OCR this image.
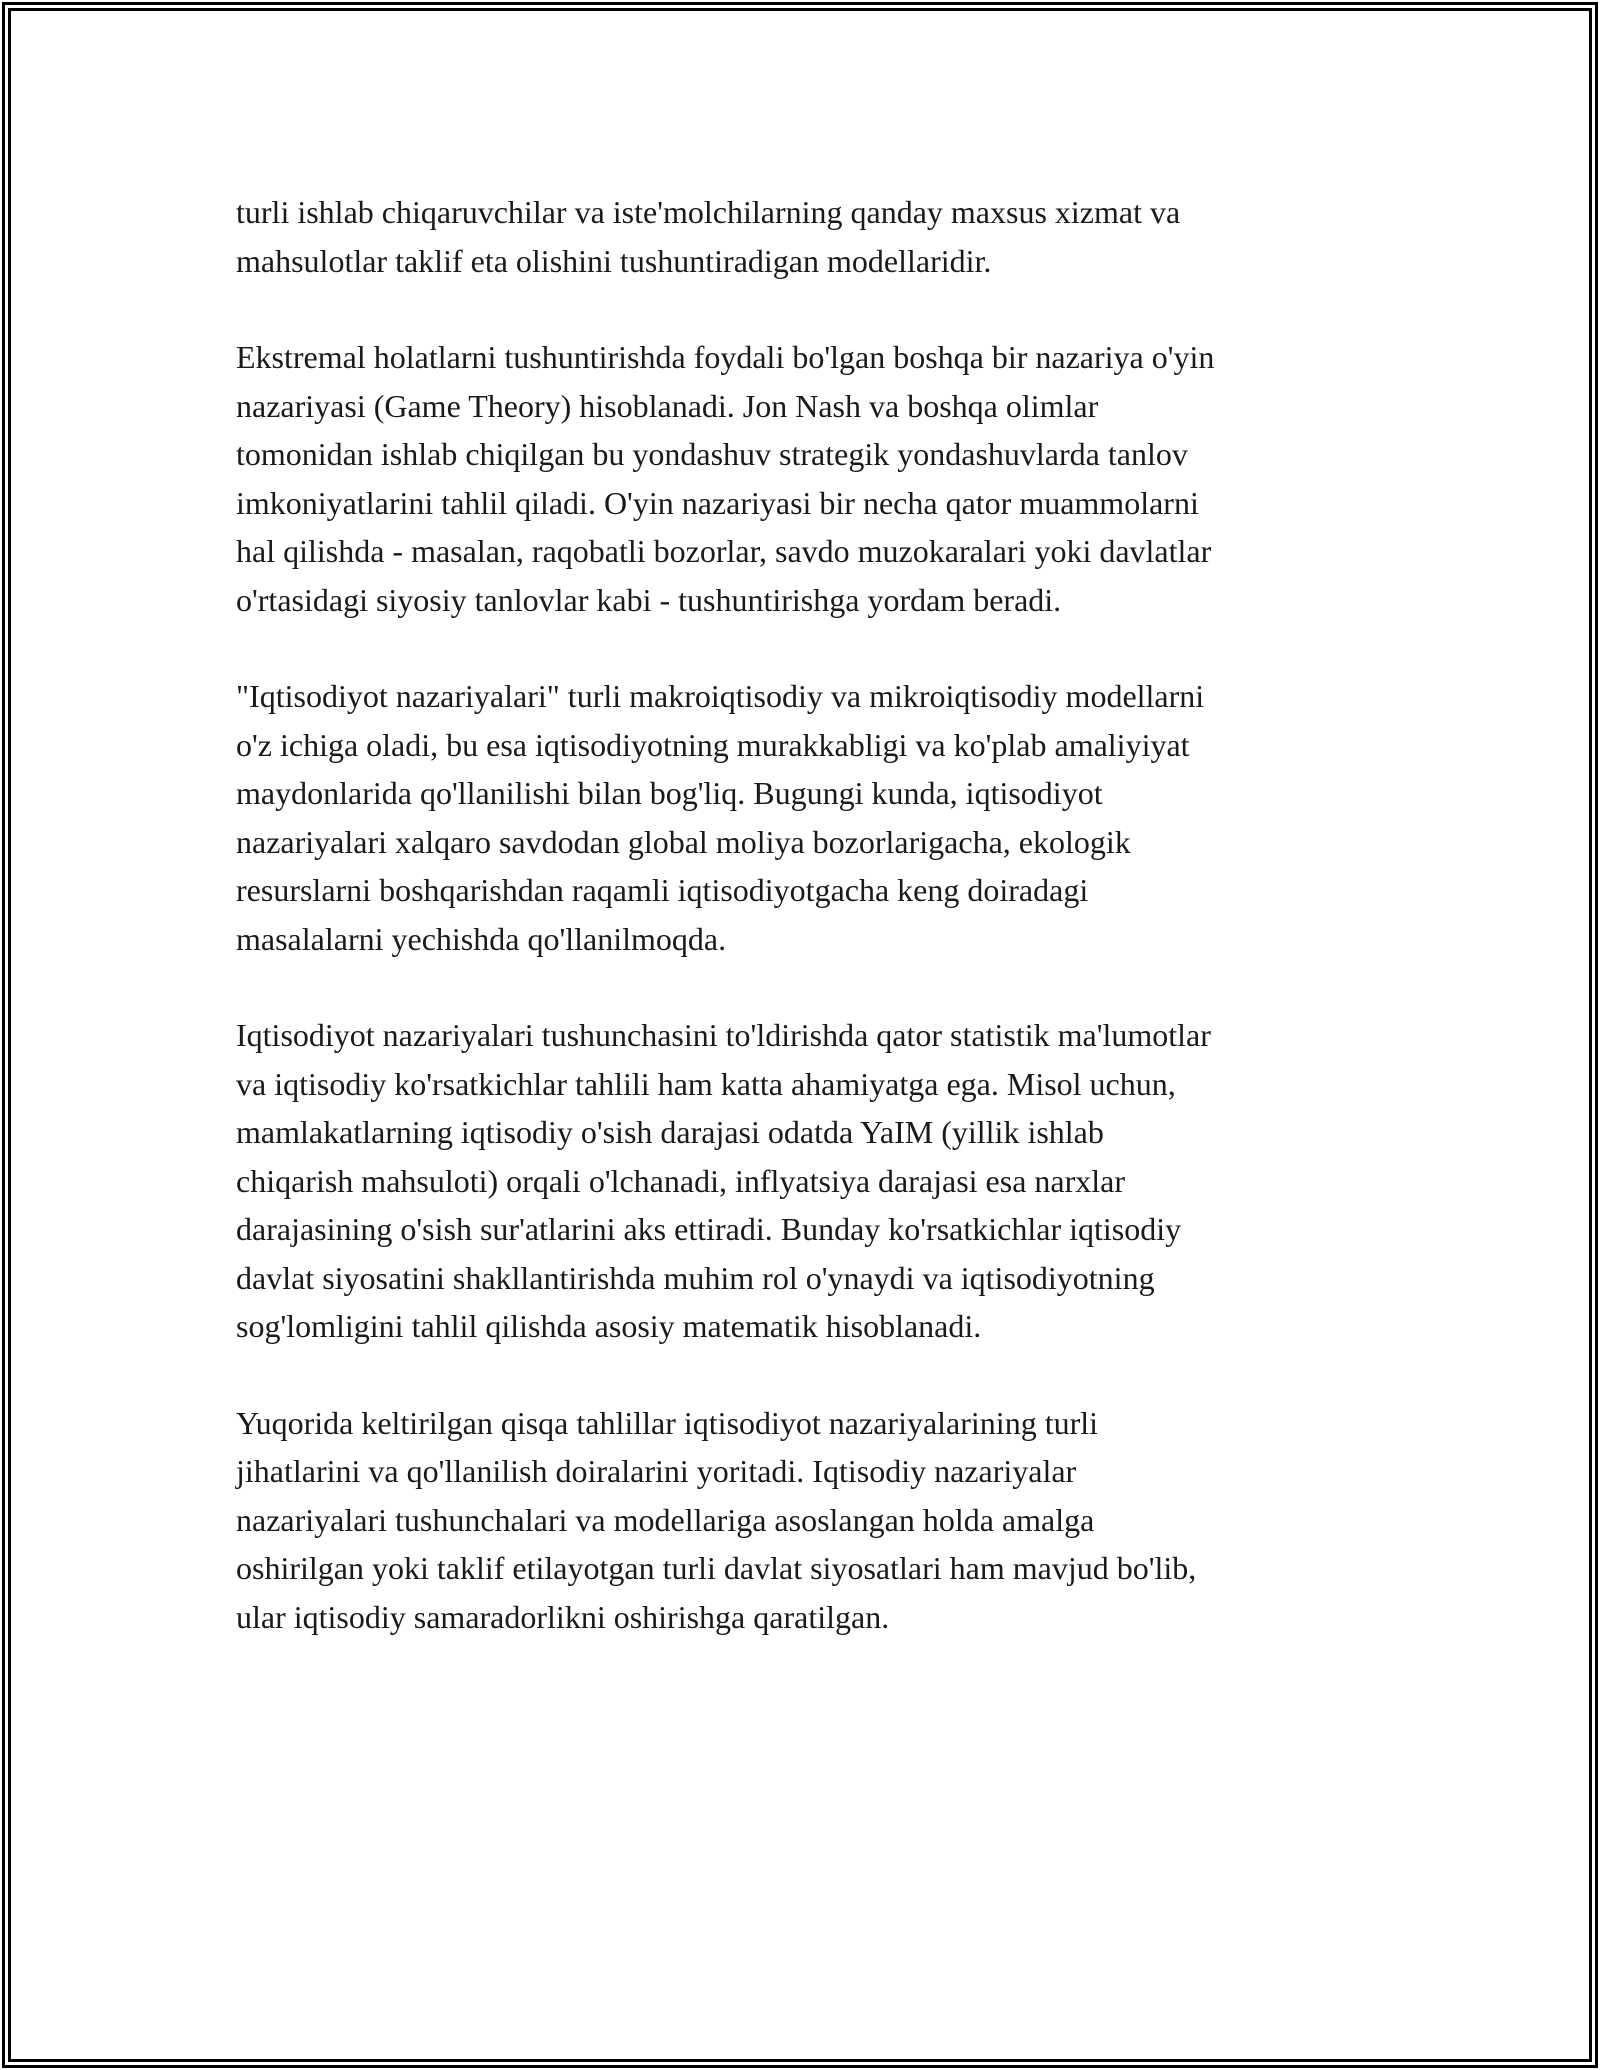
turli ishlab chiqaruvchilar va iste'molchilarning qanday maxsus xizmat va
mahsulotlar taklif eta olishini tushuntiradigan modellaridir.

Ekstremal holatlarni tushuntirishda foydali bo'lgan boshqa bir nazariya o'yin
nazariyasi (Game Theory) hisoblanadi. Jon Nash va boshqa olimlar
tomonidan ishlab chiqilgan bu yondashuv strategik yondashuvlarda tanlov
imkoniyatlarini tahlil qiladi. O'yin nazariyasi bir necha qator muammolarni
hal qilishda - masalan, raqobatli bozorlar, savdo muzokaralari yoki davlatlar
o'rtasidagi siyosiy tanlovlar kabi - tushuntirishga yordam beradi.

"Iqtisodiyot nazariyalari" turli makroiqtisodiy va mikroiqtisodiy modellarni
o'z ichiga oladi, bu esa iqtisodiyotning murakkabligi va ko'plab amaliyiyat
maydonlarida qo'llanilishi bilan bog'liq. Bugungi kunda, iqtisodiyot
nazariyalari xalqaro savdodan global moliya bozorlarigacha, ekologik
resurslarni boshqarishdan raqamli iqtisodiyotgacha keng doiradagi
masalalarni yechishda qo'llanilmoqda.

Iqtisodiyot nazariyalari tushunchasini to'ldirishda qator statistik ma'lumotlar
va iqtisodiy ko'rsatkichlar tahlili ham katta ahamiyatga ega. Misol uchun,
mamlakatlarning iqtisodiy o'sish darajasi odatda YaIM (yillik ishlab
chiqarish mahsuloti) orqali o'lchanadi, inflyatsiya darajasi esa narxlar
darajasining o'sish sur'atlarini aks ettiradi. Bunday ko'rsatkichlar iqtisodiy
davlat siyosatini shakllantirishda muhim rol o'ynaydi va iqtisodiyotning
sog'lomligini tahlil qilishda asosiy matematik hisoblanadi.

Yuqorida keltirilgan qisqa tahlillar iqtisodiyot nazariyalarining turli
jihatlarini va qo'llanilish doiralarini yoritadi. Iqtisodiy nazariyalar
nazariyalari tushunchalari va modellariga asoslangan holda amalga
oshirilgan yoki taklif etilayotgan turli davlat siyosatlari ham mavjud bo'lib,
ular iqtisodiy samaradorlikni oshirishga qaratilgan.
